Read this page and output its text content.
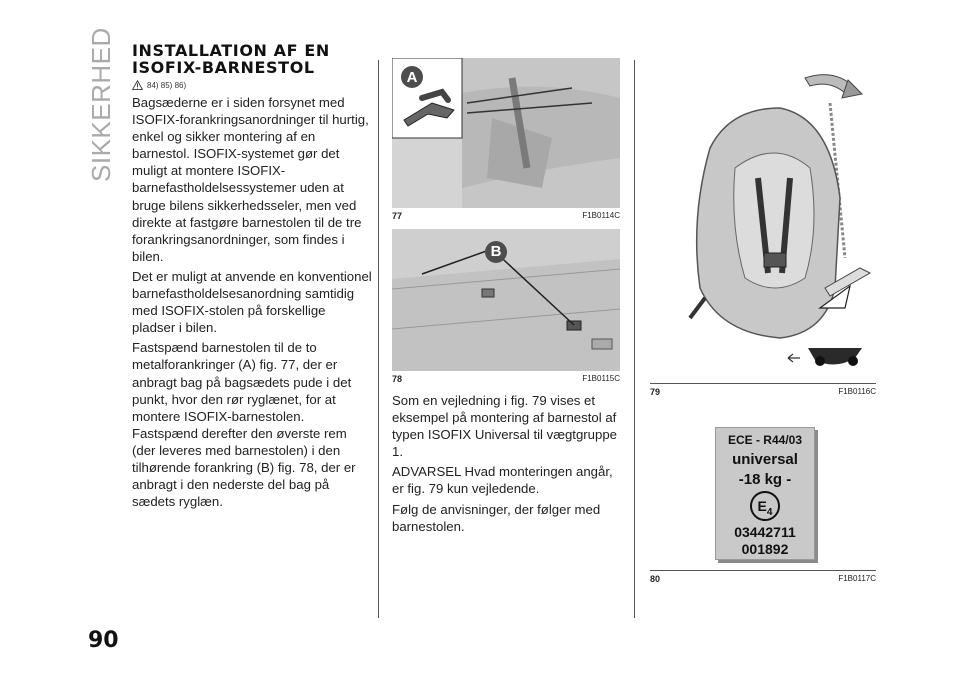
SIKKERHED
90
INSTALLATION AF EN
ISOFIX-BARNESTOL
84) 85) 86)

Bagsæderne er i siden forsynet med ISOFIX-forankringsanordninger til hurtig, enkel og sikker montering af en barnestol. ISOFIX-systemet gør det muligt at montere ISOFIX-barnefastholdelsessystemer uden at bruge bilens sikkerhedsseler, men ved direkte at fastgøre barnestolen til de tre forankringsanordninger, som findes i bilen.

Det er muligt at anvende en konventionel barnefastholdelsesanordning samtidig med ISOFIX-stolen på forskellige pladser i bilen.

Fastspænd barnestolen til de to metalforankringer (A) fig. 77, der er anbragt bag på bagsædets pude i det punkt, hvor den rør ryglænet, for at montere ISOFIX-barnestolen. Fastspænd derefter den øverste rem (der leveres med barnestolen) i den tilhørende forankring (B) fig. 78, der er anbragt i den nederste del bag på sædets ryglæn.

A
77	F1B0114C
B
78	F1B0115C

Som en vejledning i fig. 79 vises et eksempel på montering af barnestol af typen ISOFIX Universal til vægtgruppe 1.

ADVARSEL Hvad monteringen angår, er fig. 79 kun vejledende.

Følg de anvisninger, der følger med barnestolen.

79	F1B0116C
ECE - R44/03
universal
-18 kg -
$E_4$
03442711
001892
80	F1B0117C
